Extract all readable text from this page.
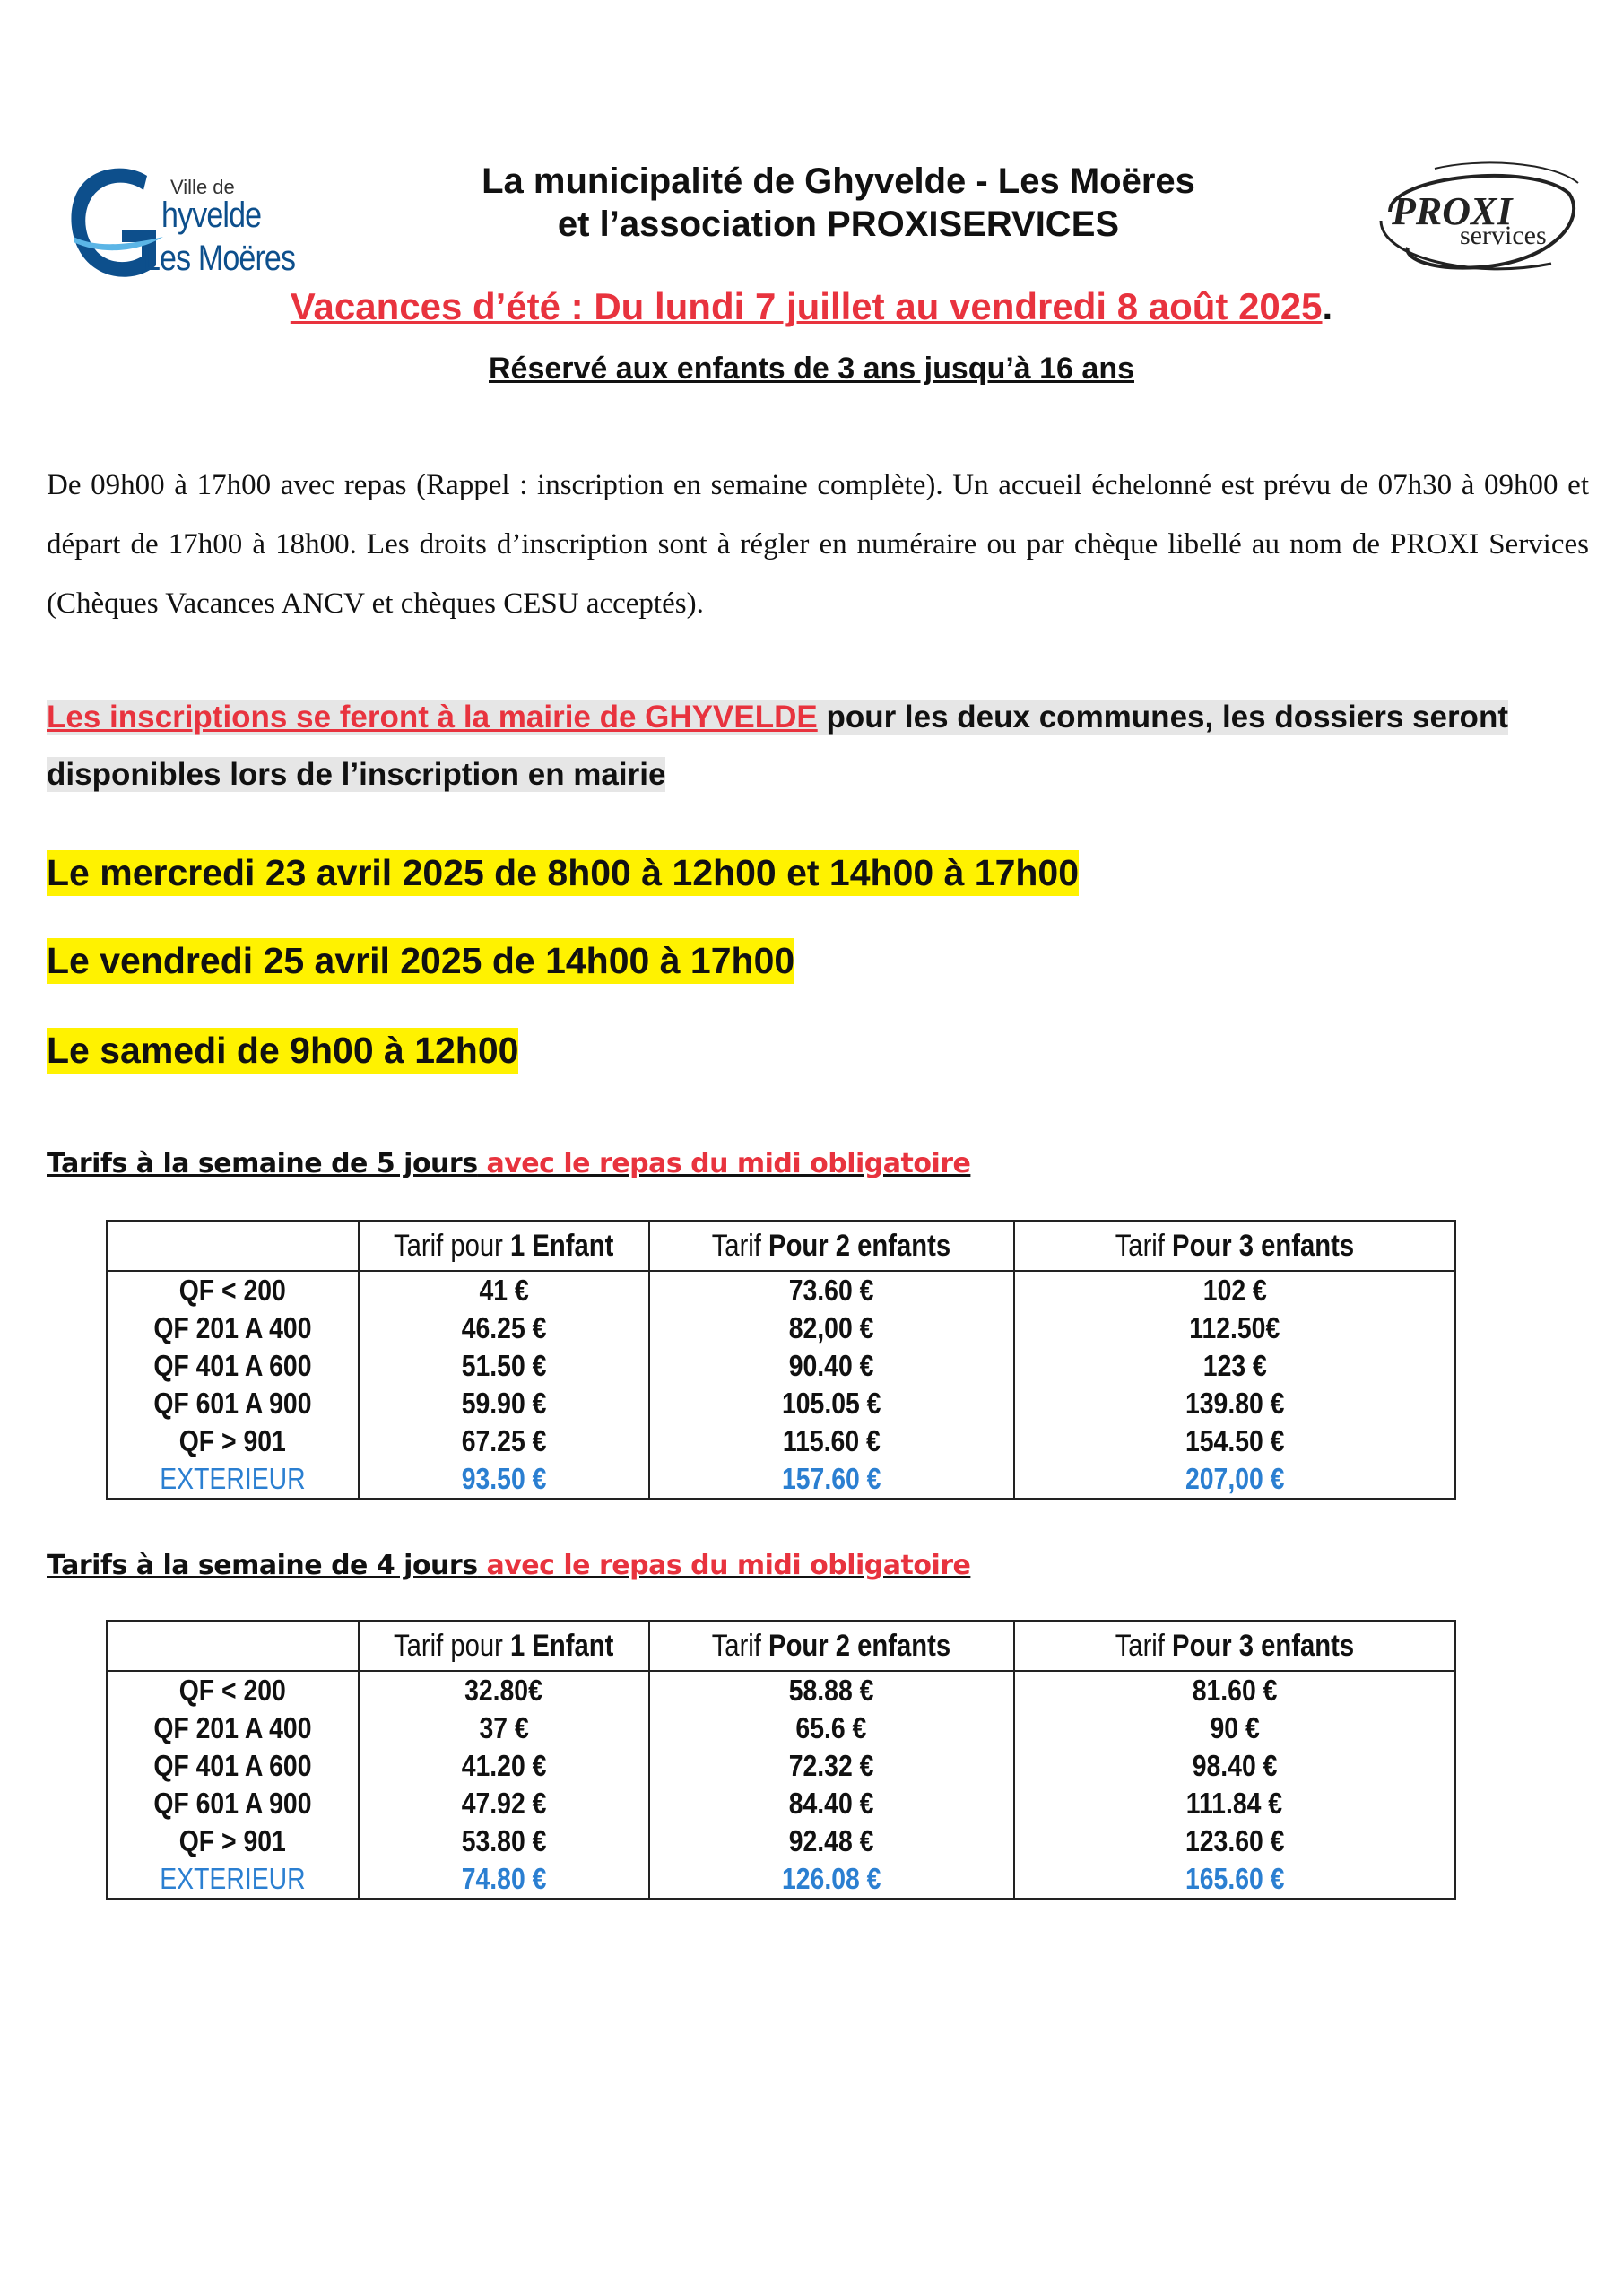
Ville de
hyvelde
Les Moëres
PROXI
services
La municipalité de Ghyvelde - Les Moëres
et l’association PROXISERVICES
Vacances d’été : Du lundi 7 juillet au vendredi 8 août 2025.
Réservé aux enfants de 3 ans jusqu’à 16 ans
De 09h00 à 17h00 avec repas (Rappel : inscription en semaine complète). Un accueil échelonné est prévu de 07h30 à 09h00 et départ de 17h00 à 18h00. Les droits d’inscription sont à régler en numéraire ou par chèque libellé au nom de PROXI Services (Chèques Vacances ANCV et chèques CESU acceptés).
Les inscriptions se feront à la mairie de GHYVELDE pour les deux communes, les dossiers seront disponibles lors de l’inscription en mairie
Le mercredi 23 avril 2025 de 8h00 à 12h00 et 14h00 à 17h00
Le vendredi 25 avril 2025 de 14h00 à 17h00
Le samedi de 9h00 à 12h00
Tarifs à la semaine de 5 jours avec le repas du midi obligatoire
	Tarif pour 1 Enfant	Tarif Pour 2 enfants	Tarif Pour 3 enfants
QF < 200	41 €	73.60 €	102 €
QF 201 A 400	46.25 €	82,00 €	112.50€
QF 401 A 600	51.50 €	90.40 €	123 €
QF 601 A 900	59.90 €	105.05 €	139.80 €
QF > 901	67.25 €	115.60 €	154.50 €
EXTERIEUR	93.50 €	157.60 €	207,00 €
Tarifs à la semaine de 4 jours avec le repas du midi obligatoire
	Tarif pour 1 Enfant	Tarif Pour 2 enfants	Tarif Pour 3 enfants
QF < 200	32.80€	58.88 €	81.60 €
QF 201 A 400	37 €	65.6 €	90 €
QF 401 A 600	41.20 €	72.32 €	98.40 €
QF 601 A 900	47.92 €	84.40 €	111.84 €
QF > 901	53.80 €	92.48 €	123.60 €
EXTERIEUR	74.80 €	126.08 €	165.60 €
